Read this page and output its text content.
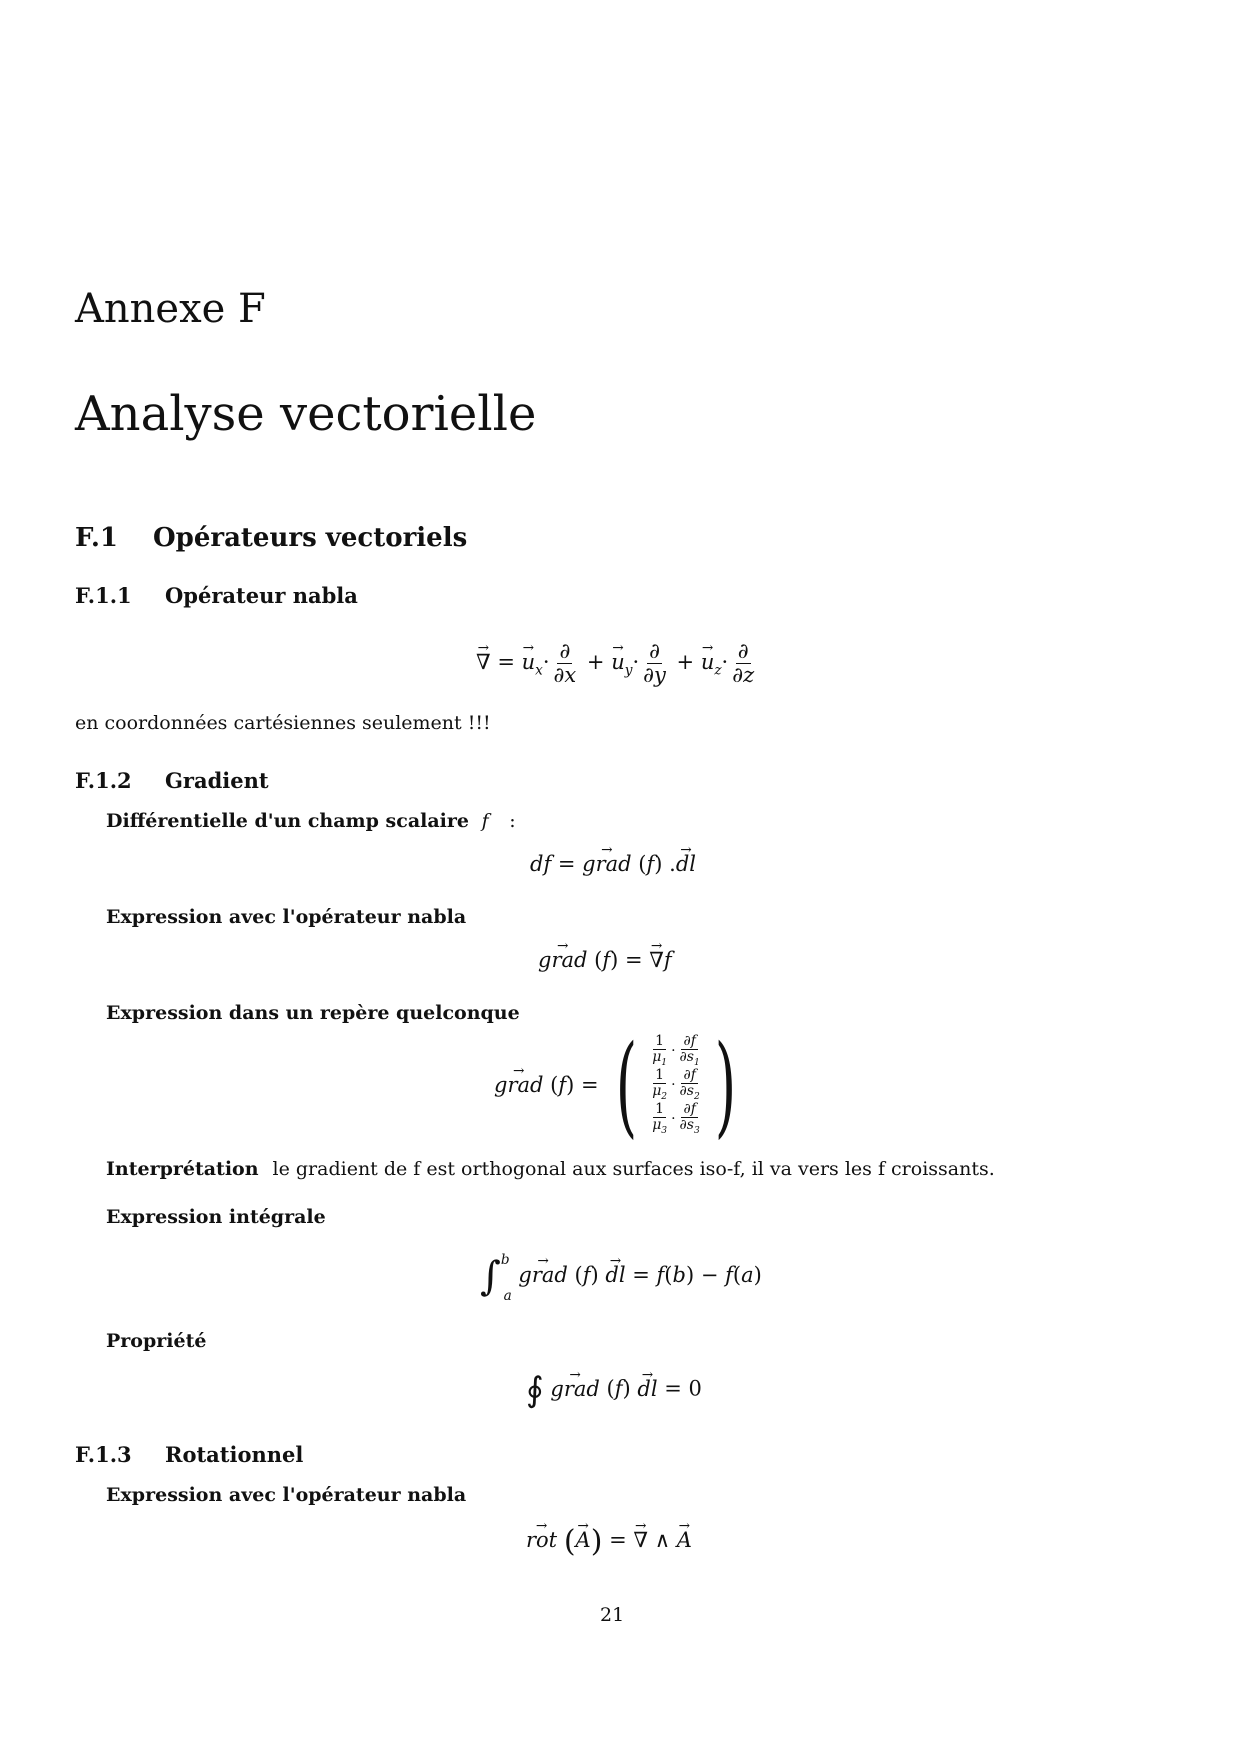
Annexe F
Analyse vectorielle
F.1 Opérateurs vectoriels
F.1.1 Opérateur nabla
∇ → = $u \to_x\cdot \frac{\partial}{\partial x} + u \to_y\cdot \frac{\partial}{\partial y} + u \to_z\cdot \frac{\partial}{\partial z}$
en coordonnées cartésiennes seulement !!!
F.1.2 Gradient
Différentielle d'un champ scalaire f :
df = grad → (f) .dl →
Expression avec l'opérateur nabla
grad → (f) = ∇ →f
Expression dans un repère quelconque
grad → (f) = ( $\frac{1}{\mu_1} \cdot \frac{\partial f}{\partial s_1}$
$\frac{1}{\mu_2} \cdot \frac{\partial f}{\partial s_2}$
$\frac{1}{\mu_3} \cdot \frac{\partial f}{\partial s_3}$ )
Interprétation le gradient de f est orthogonal aux surfaces iso-f, il va vers les f croissants.
Expression intégrale
∫$^b_a$ grad → (f) dl → = f(b) − f(a)
Propriété
∮ grad → (f) dl → = 0
F.1.3 Rotationnel
Expression avec l'opérateur nabla
rot → (A →) = ∇ → ∧ A →
21
